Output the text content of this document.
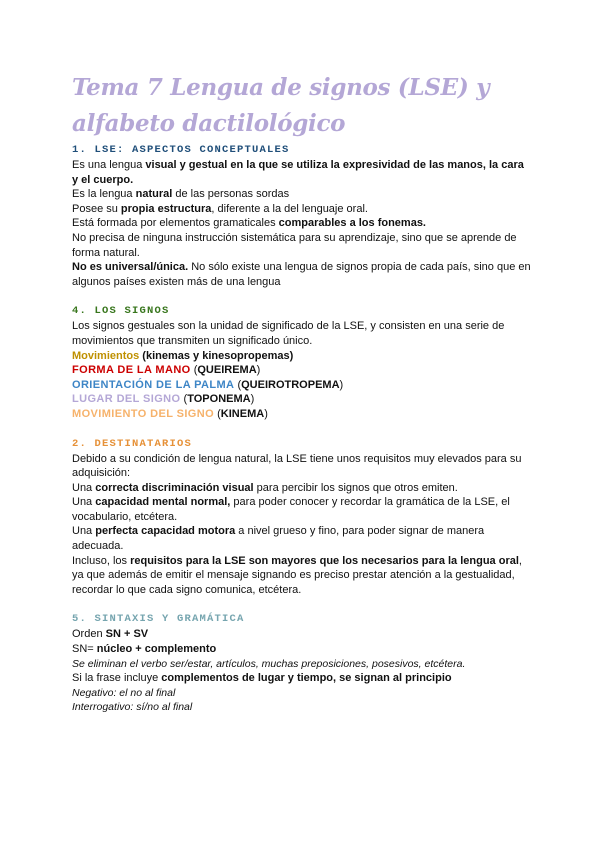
Tema 7 Lengua de signos (LSE) y alfabeto dactilológico

1. LSE: ASPECTOS CONCEPTUALES

Es una lengua visual y gestual en la que se utiliza la expresividad de las manos, la cara y el cuerpo.

Es la lengua natural de las personas sordas

Posee su propia estructura, diferente a la del lenguaje oral.

Está formada por elementos gramaticales comparables a los fonemas.

No precisa de ninguna instrucción sistemática para su aprendizaje, sino que se aprende de forma natural.

No es universal/única. No sólo existe una lengua de signos propia de cada país, sino que en algunos países existen más de una lengua

4. LOS SIGNOS

Los signos gestuales son la unidad de significado de la LSE, y consisten en una serie de movimientos que transmiten un significado único.

Movimientos (kinemas y kinesopropemas)

FORMA DE LA MANO (QUEIREMA)

ORIENTACIÓN DE LA PALMA (QUEIROTROPEMA)

LUGAR DEL SIGNO (TOPONEMA)

MOVIMIENTO DEL SIGNO (KINEMA)

2. DESTINATARIOS

Debido a su condición de lengua natural, la LSE tiene unos requisitos muy elevados para su adquisición:

Una correcta discriminación visual para percibir los signos que otros emiten.

Una capacidad mental normal, para poder conocer y recordar la gramática de la LSE, el vocabulario, etcétera.

Una perfecta capacidad motora a nivel grueso y fino, para poder signar de manera adecuada.

Incluso, los requisitos para la LSE son mayores que los necesarios para la lengua oral, ya que además de emitir el mensaje signando es preciso prestar atención a la gestualidad, recordar lo que cada signo comunica, etcétera.

5. SINTAXIS Y GRAMÁTICA

Orden SN + SV

SN= núcleo + complemento

Se eliminan el verbo ser/estar, artículos, muchas preposiciones, posesivos, etcétera.

Si la frase incluye complementos de lugar y tiempo, se signan al principio

Negativo: el no al final

Interrogativo: sí/no al final
